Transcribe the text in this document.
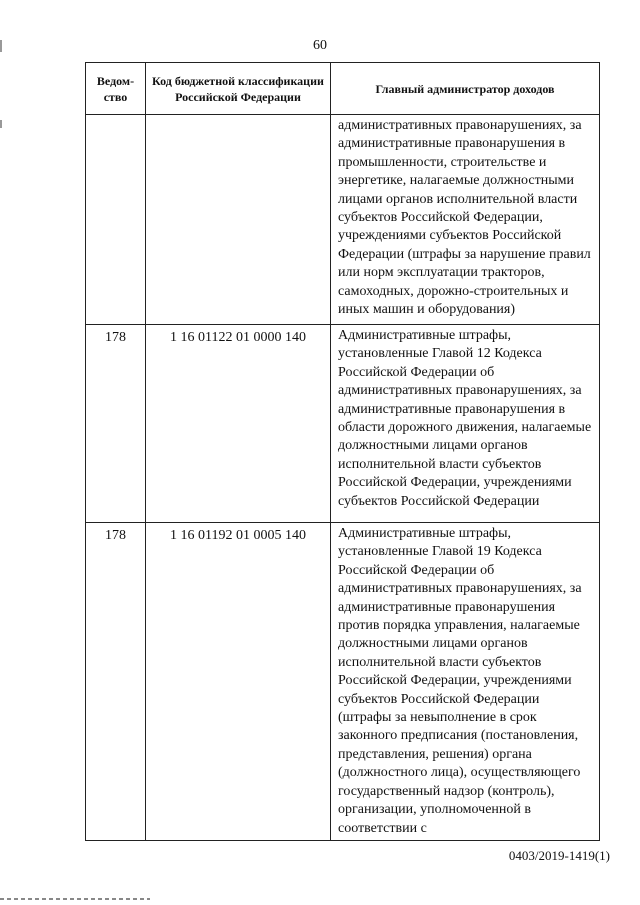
60
Ведом-
ство	Код бюджетной классификации Российской Федерации	Главный администратор доходов
		административных правонарушениях, за административные правонарушения в промышленности, строительстве и энергетике, налагаемые должностными лицами органов исполнительной власти субъектов Российской Федерации, учреждениями субъектов Российской Федерации (штрафы за нарушение правил или норм эксплуатации тракторов, самоходных, дорожно-строительных и иных машин и оборудования)
178	1 16 01122 01 0000 140	Административные штрафы, установленные Главой 12 Кодекса Российской Федерации об административных правонарушениях, за административные правонарушения в области дорожного движения, налагаемые должностными лицами органов исполнительной власти субъектов Российской Федерации, учреждениями субъектов Российской Федерации
178	1 16 01192 01 0005 140	Административные штрафы, установленные Главой 19 Кодекса Российской Федерации об административных правонарушениях, за административные правонарушения против порядка управления, налагаемые должностными лицами органов исполнительной власти субъектов Российской Федерации, учреждениями субъектов Российской Федерации (штрафы за невыполнение в срок законного предписания (постановления, представления, решения) органа (должностного лица), осуществляющего государственный надзор (контроль), организации, уполномоченной в соответствии с
0403/2019-1419(1)
